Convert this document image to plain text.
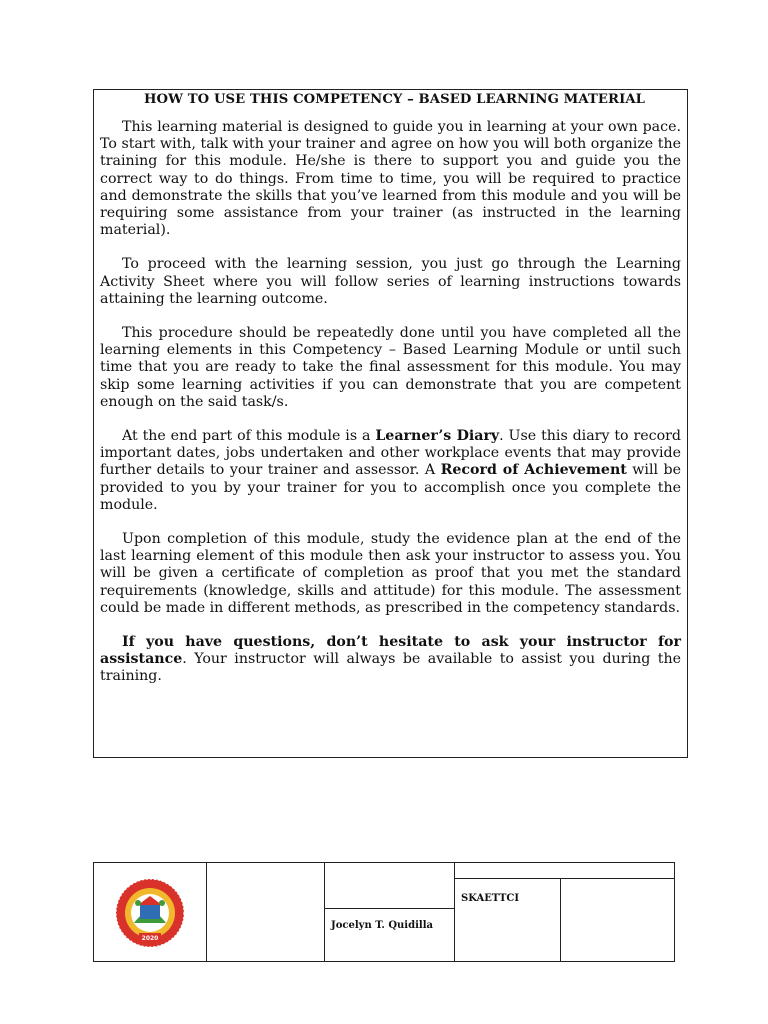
HOW TO USE THIS COMPETENCY – BASED LEARNING MATERIAL

This learning material is designed to guide you in learning at your own pace. To start with, talk with your trainer and agree on how you will both organize the training for this module. He/she is there to support you and guide you the correct way to do things. From time to time, you will be required to practice and demonstrate the skills that you’ve learned from this module and you will be requiring some assistance from your trainer (as instructed in the learning material).

To proceed with the learning session, you just go through the Learning Activity Sheet where you will follow series of learning instructions towards attaining the learning outcome.

This procedure should be repeatedly done until you have completed all the learning elements in this Competency – Based Learning Module or until such time that you are ready to take the final assessment for this module. You may skip some learning activities if you can demonstrate that you are competent enough on the said task/s.

At the end part of this module is a Learner’s Diary. Use this diary to record important dates, jobs undertaken and other workplace events that may provide further details to your trainer and assessor. A Record of Achievement will be provided to you by your trainer for you to accomplish once you complete the module.

Upon completion of this module, study the evidence plan at the end of the last learning element of this module then ask your instructor to assess you. You will be given a certificate of completion as proof that you met the standard requirements (knowledge, skills and attitude) for this module. The assessment could be made in different methods, as prescribed in the competency standards.

If you have questions, don’t hesitate to ask your instructor for assistance. Your instructor will always be available to assist you during the training.

2020
Jocelyn T. Quidilla
SKAETTCI
